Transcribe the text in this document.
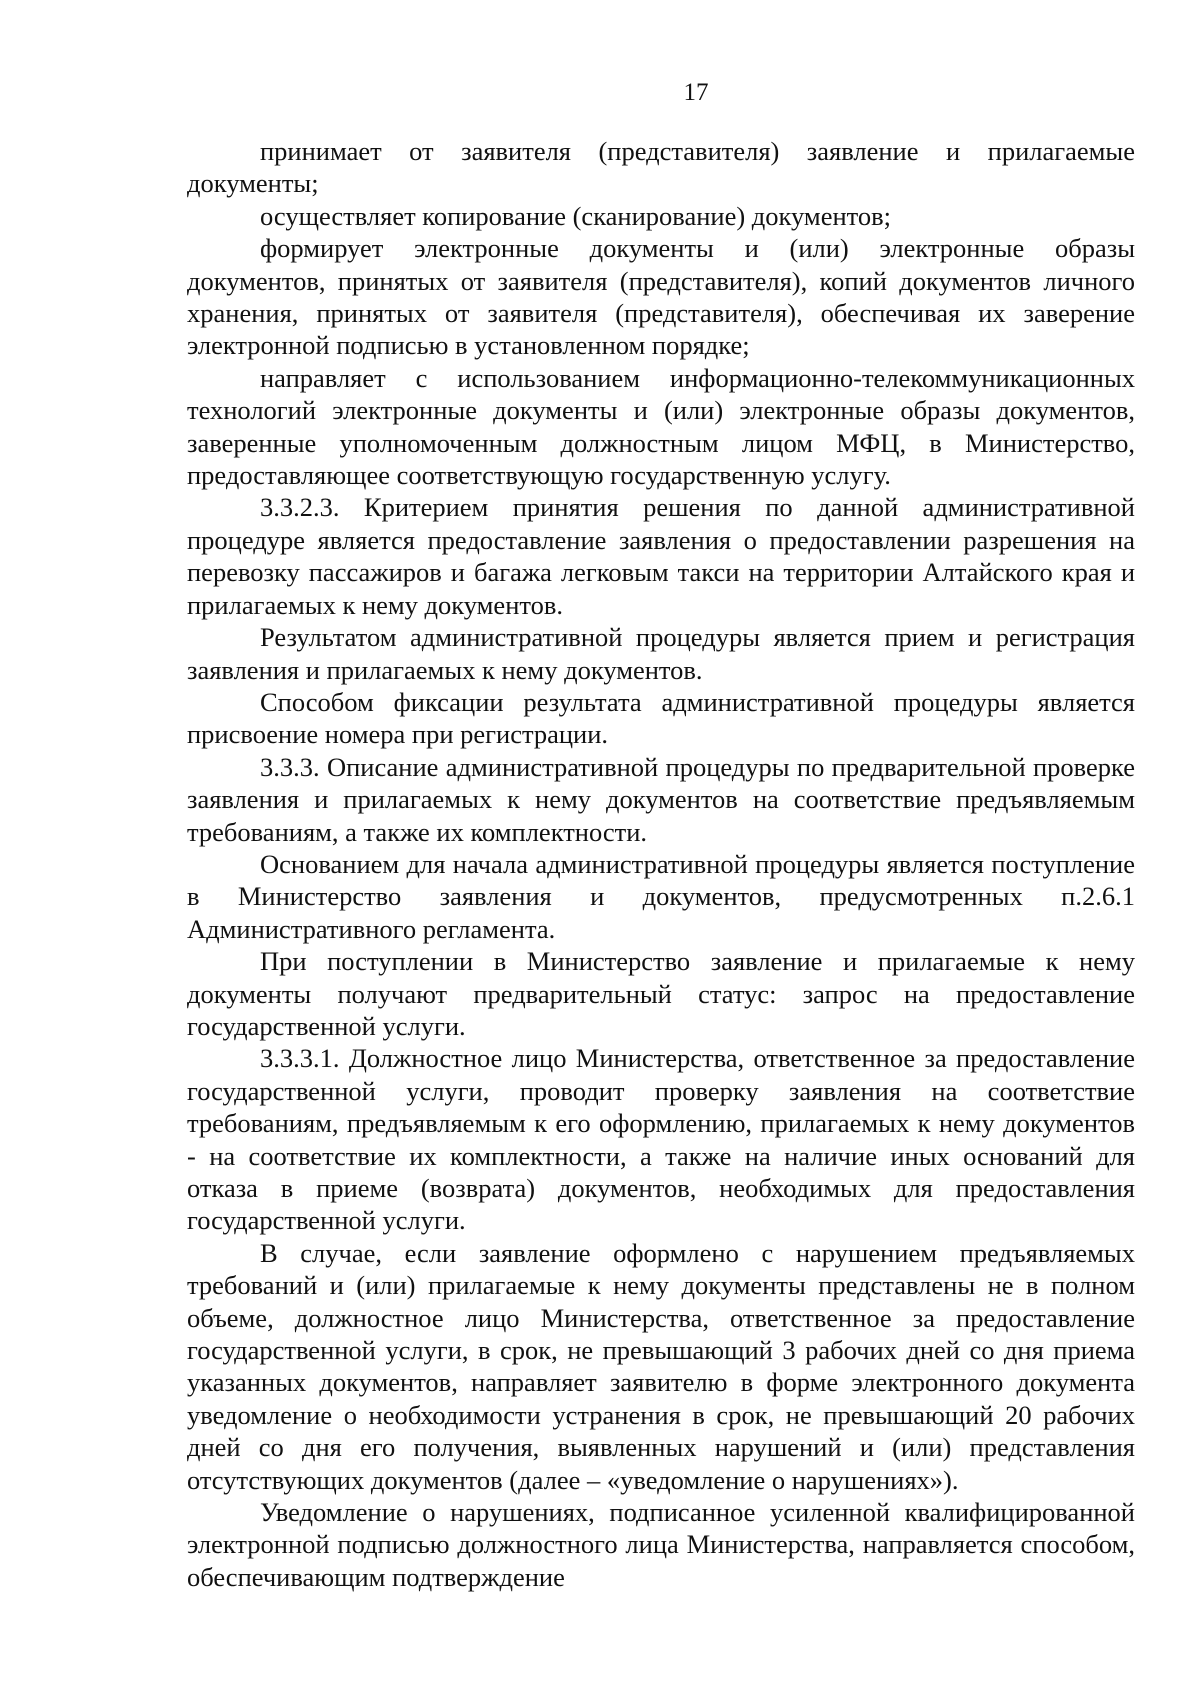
17

принимает от заявителя (представителя) заявление и прилагаемые документы;

осуществляет копирование (сканирование) документов;

формирует электронные документы и (или) электронные образы документов, принятых от заявителя (представителя), копий документов личного хранения, принятых от заявителя (представителя), обеспечивая их заверение электронной подписью в установленном порядке;

направляет с использованием информационно-телекоммуникационных технологий электронные документы и (или) электронные образы документов, заверенные уполномоченным должностным лицом МФЦ, в Министерство, предоставляющее соответствующую государственную услугу.

3.3.2.3. Критерием принятия решения по данной административной процедуре является предоставление заявления о предоставлении разрешения на перевозку пассажиров и багажа легковым такси на территории Алтайского края и прилагаемых к нему документов.

Результатом административной процедуры является прием и регистрация заявления и прилагаемых к нему документов.

Способом фиксации результата административной процедуры является присвоение номера при регистрации.

3.3.3. Описание административной процедуры по предварительной проверке заявления и прилагаемых к нему документов на соответствие предъявляемым требованиям, а также их комплектности.

Основанием для начала административной процедуры является поступление в Министерство заявления и документов, предусмотренных п.2.6.1 Административного регламента.

При поступлении в Министерство заявление и прилагаемые к нему документы получают предварительный статус: запрос на предоставление государственной услуги.

3.3.3.1. Должностное лицо Министерства, ответственное за предоставление государственной услуги, проводит проверку заявления на соответствие требованиям, предъявляемым к его оформлению, прилагаемых к нему документов - на соответствие их комплектности, а также на наличие иных оснований для отказа в приеме (возврата) документов, необходимых для предоставления государственной услуги.

В случае, если заявление оформлено с нарушением предъявляемых требований и (или) прилагаемые к нему документы представлены не в полном объеме, должностное лицо Министерства, ответственное за предоставление государственной услуги, в срок, не превышающий 3 рабочих дней со дня приема указанных документов, направляет заявителю в форме электронного документа уведомление о необходимости устранения в срок, не превышающий 20 рабочих дней со дня его получения, выявленных нарушений и (или) представления отсутствующих документов (далее – «уведомление о нарушениях»).

Уведомление о нарушениях, подписанное усиленной квалифицированной электронной подписью должностного лица Министерства, направляется способом, обеспечивающим подтверждение
